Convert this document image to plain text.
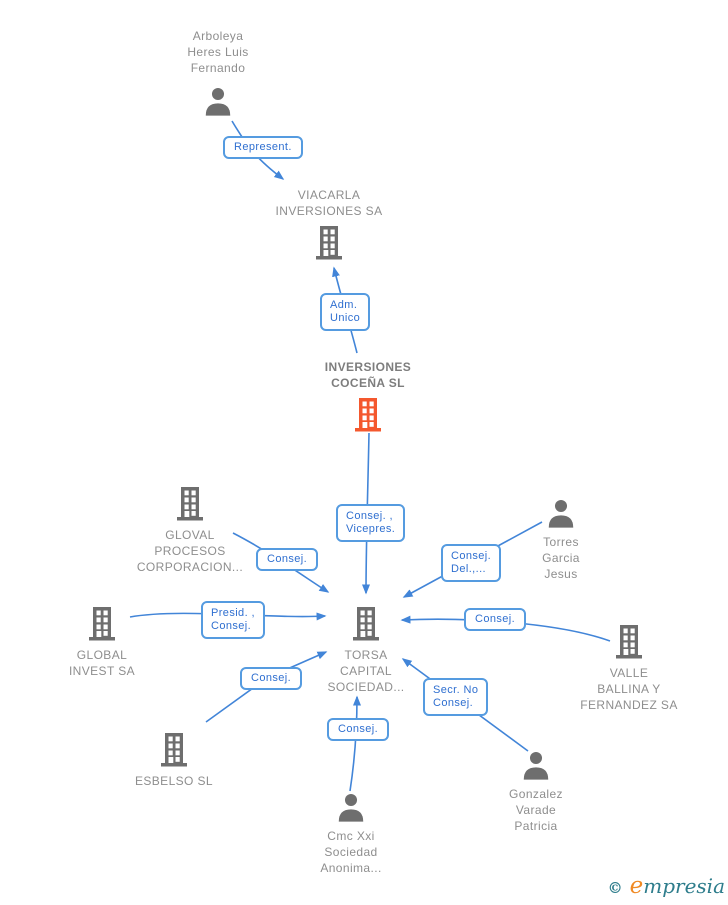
Arboleya
Heres Luis
Fernando
VIACARLA
INVERSIONES SA
INVERSIONES
COCEÑA SL
TORSA
CAPITAL
SOCIEDAD...
GLOVAL
PROCESOS
CORPORACION...
GLOBAL
INVEST SA
ESBELSO SL
Torres
Garcia
Jesus
VALLE
BALLINA Y
FERNANDEZ SA
Gonzalez
Varade
Patricia
Cmc Xxi
Sociedad
Anonima...
Represent.
Adm.
Unico
Consej. ,
Vicepres.
Consej.
Presid. ,
Consej.
Consej.
Del.,...
Consej.
Consej.
Secr. No
Consej.
Consej.
© empresia
